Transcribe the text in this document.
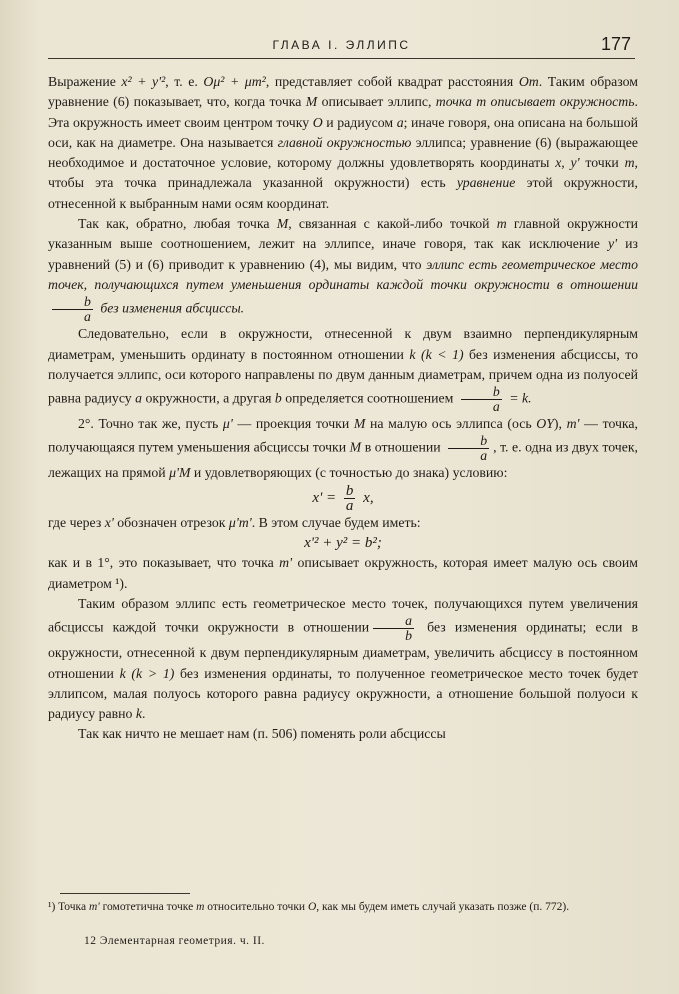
ГЛАВА I. ЭЛЛИПС	177

Выражение x² + y'², т. е. Oμ² + μm², представляет собой квадрат расстояния Om. Таким образом уравнение (6) показывает, что, когда точка M описывает эллипс, точка m описывает окружность. Эта окружность имеет своим центром точку O и радиусом a; иначе говоря, она описана на большой оси, как на диаметре. Она называется главной окружностью эллипса; уравнение (6) (выражающее необходимое и достаточное условие, которому должны удовлетворять координаты x, y' точки m, чтобы эта точка принадлежала указанной окружности) есть уравнение этой окружности, отнесенной к выбранным нами осям координат.

Так как, обратно, любая точка M, связанная с какой-либо точкой m главной окружности указанным выше соотношением, лежит на эллипсе, иначе говоря, так как исключение y' из уравнений (5) и (6) приводит к уравнению (4), мы видим, что эллипс есть геометрическое место точек, получающихся путем уменьшения ординаты каждой точки окружности в отношении
$\frac{b}{a}$ без изменения абсциссы.

Следовательно, если в окружности, отнесенной к двум взаимно перпендикулярным диаметрам, уменьшить ординату в постоянном отношении k (k < 1) без изменения абсциссы, то получается эллипс, оси которого направлены по двум данным диаметрам, причем одна из полуосей равна радиусу a окружности, а другая b определяется соотношением $\frac{b}{a} = k$.

2°. Точно так же, пусть μ' — проекция точки M на малую ось эллипса (ось OY), m' — точка, получающаяся путем уменьшения абсциссы точки M в отношении $\frac{b}{a}$ , т. е. одна из двух точек, лежащих на прямой μ'M и удовлетворяющих (с точностью до знака) условию:

$x' = \frac{b}{a} x$,

где через x' обозначен отрезок μ'm'. В этом случае будем иметь:

x'² + y² = b²;

как и в 1°, это показывает, что точка m' описывает окружность, которая имеет малую ось своим диаметром ¹).

Таким образом эллипс есть геометрическое место точек, получающихся путем увеличения абсциссы каждой точки окружности в отношении $\frac{a}{b}$ без изменения ординаты; если в окружности, отнесенной к двум перпендикулярным диаметрам, увеличить абсциссу в постоянном отношении k (k > 1) без изменения ординаты, то полученное геометрическое место точек будет эллипсом, малая полуось которого равна радиусу окружности, а отношение большой полуоси к радиусу равно k.

Так как ничто не мешает нам (п. 506) поменять роли абсциссы

¹) Точка m' гомотетична точке m относительно точки O, как мы будем иметь случай указать позже (п. 772).
12 Элементарная геометрия. ч. II.
